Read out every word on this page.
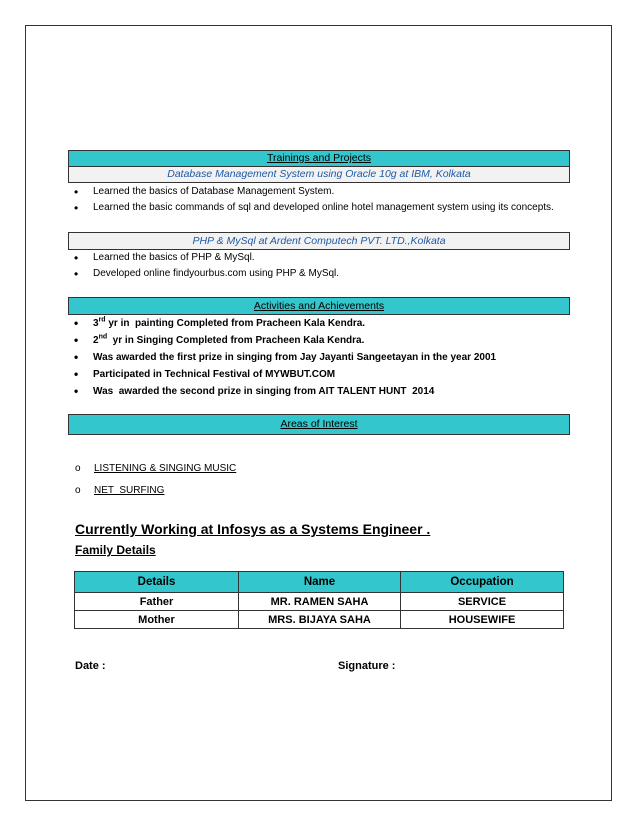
Trainings and Projects
Database Management System using Oracle 10g at IBM, Kolkata
• Learned the basics of Database Management System.
• Learned the basic commands of sql and developed online hotel management system using its concepts.
PHP & MySql at Ardent Computech PVT. LTD.,Kolkata
• Learned the basics of PHP & MySql.
• Developed online findyourbus.com using PHP & MySql.
Activities and Achievements
• 3rd yr in  painting Completed from Pracheen Kala Kendra.
• 2nd  yr in Singing Completed from Pracheen Kala Kendra.
• Was awarded the first prize in singing from Jay Jayanti Sangeetayan in the year 2001
• Participated in Technical Festival of MYWBUT.COM
• Was  awarded the second prize in singing from AIT TALENT HUNT  2014
Areas of Interest
o LISTENING & SINGING MUSIC
o NET  SURFING
Currently Working at Infosys as a Systems Engineer .
Family Details
Details	Name	Occupation
Father	MR. RAMEN SAHA	SERVICE
Mother	MRS. BIJAYA SAHA	HOUSEWIFE
Date :	Signature :
